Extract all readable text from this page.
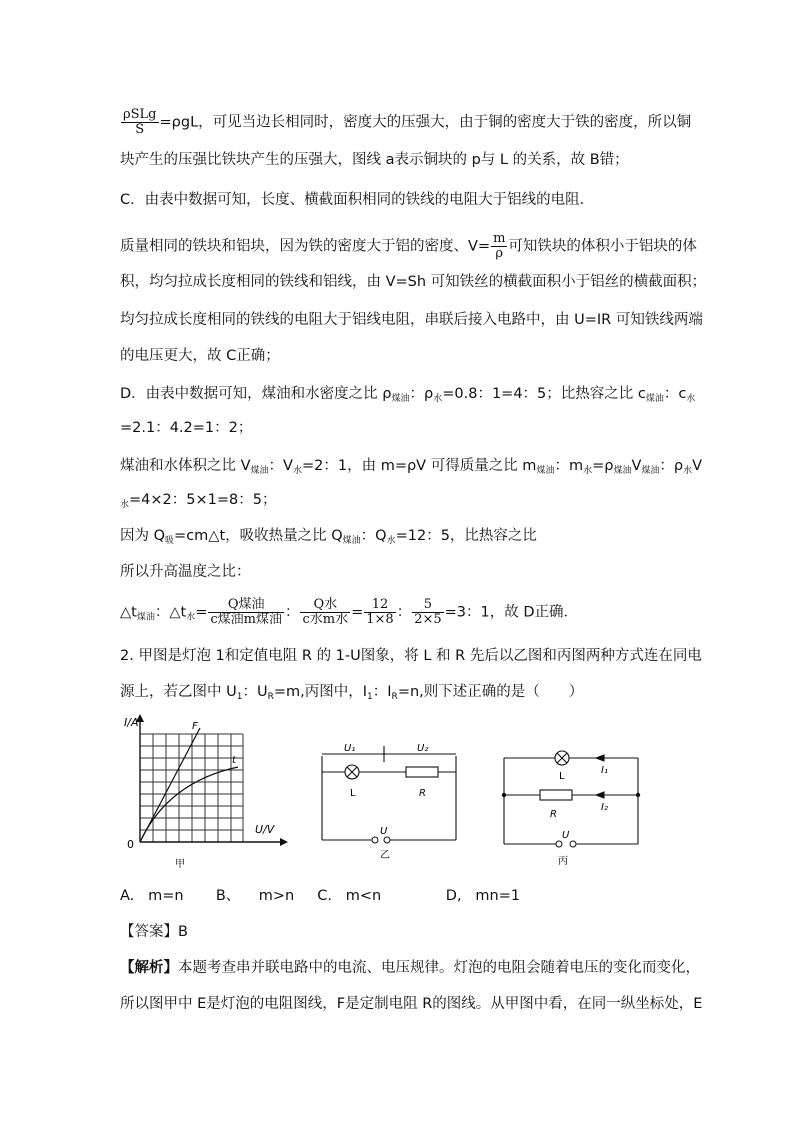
$\frac{\text{ρSLg}}{S} =\rho gL$，可见当边长相同时，密度大的压强大，由于铜的密度大于铁的密度，所以铜
块产生的压强比铁块产生的压强大，图线 a表示铜块的 p与 L 的关系，故 B错；
C．由表中数据可知，长度、横截面积相同的铁线的电阻大于铝线的电阻．
质量相同的铁块和铝块，因为铁的密度大于铝的密度、$V= \frac{m}{\rho}$ 可知铁块的体积小于铝块的体
积，均匀拉成长度相同的铁线和铝线，由 V=Sh 可知铁丝的横截面积小于铝丝的横截面积；
均匀拉成长度相同的铁线的电阻大于铝线电阻，串联后接入电路中，由 U=IR 可知铁线两端
的电压更大，故 C正确；
D．由表中数据可知，煤油和水密度之比 $\rho_{煤油}$：$\rho_水=0.8$：1=4：5；比热容之比 $c_{煤油}$：$c_水$
=2.1：4.2=1：2；
煤油和水体积之比 $V_{煤油}$：$V_水=2$：1，由 m=ρV 可得质量之比 $m_{煤油}$：$m_水=\rho_{煤油}V_{煤油}$：$\rho_水V$
$_水$=4×2：5×1=8：5；
因为 $Q_吸=cm\triangle t$，吸收热量之比 $Q_{煤油}$：$Q_水=12$：5，比热容之比
所以升高温度之比：
$\triangle t_{煤油}$：$\triangle t_水= \frac{\text{Q煤油}}{\text{c煤油m煤油}}$ ： $\frac{\text{Q水}}{\text{c水m水}} = \frac{12}{1\times 8}$ ： $\frac{5}{2\times 5} =3$：1，故 D正确．
2. 甲图是灯泡 1和定值电阻 R 的 1-U图象，将 L 和 R 先后以乙图和丙图两种方式连在同电
源上，若乙图中 $U_1$：$U_R=m$,丙图中，$I_1$：$I_R=n$,则下述正确的是（　　）
I/A
U/V
0
F
t
甲
U₁	U₂
L	R
U
乙
L
R
I₁
I₂
U
丙
A.   m=n       B、    m>n     C.   m<n              D,   mn=1
【答案】B
【解析】本题考查串并联电路中的电流、电压规律。灯泡的电阻会随着电压的变化而变化，
所以图甲中 E是灯泡的电阻图线，F是定制电阻 R的图线。从甲图中看，在同一纵坐标处，E
